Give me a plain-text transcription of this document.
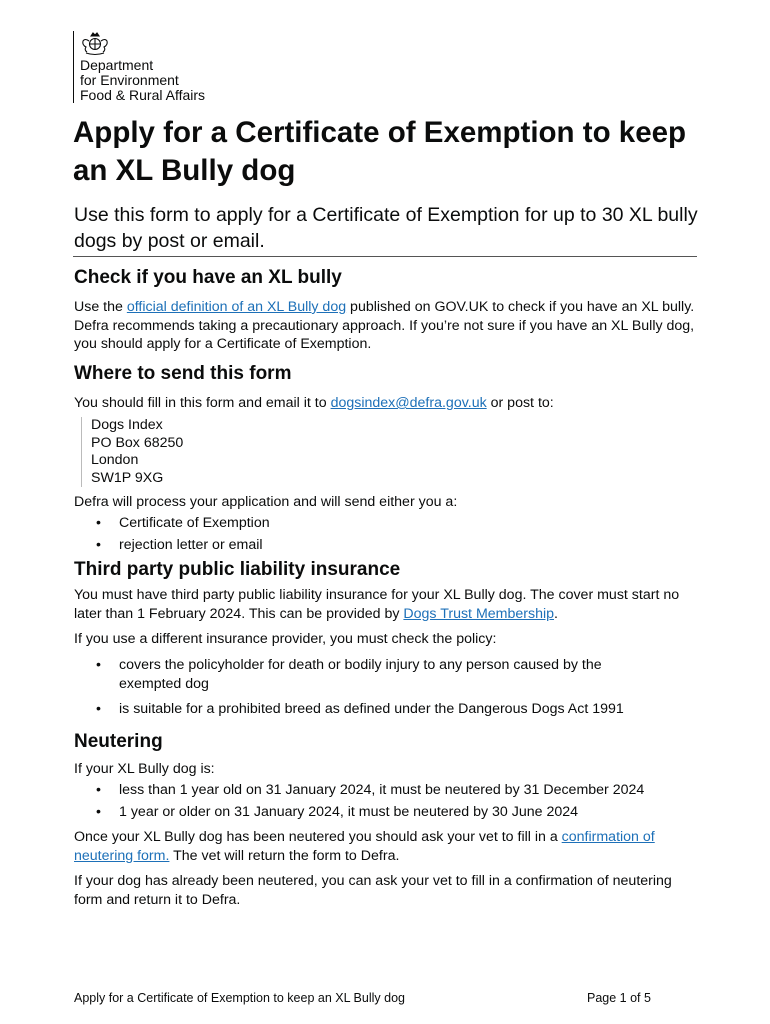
Department
for Environment
Food & Rural Affairs
Apply for a Certificate of Exemption to keep an XL Bully dog

Use this form to apply for a Certificate of Exemption for up to 30 XL bully dogs by post or email.

Check if you have an XL bully

Use the official definition of an XL Bully dog published on GOV.UK to check if you have an XL bully. Defra recommends taking a precautionary approach. If you’re not sure if you have an XL Bully dog, you should apply for a Certificate of Exemption.

Where to send this form

You should fill in this form and email it to dogsindex@defra.gov.uk or post to:

Dogs Index
PO Box 68250
London
SW1P 9XG

Defra will process your application and will send either you a:

• Certificate of Exemption
• rejection letter or email
Third party public liability insurance

You must have third party public liability insurance for your XL Bully dog. The cover must start no later than 1 February 2024. This can be provided by Dogs Trust Membership.

If you use a different insurance provider, you must check the policy:

• covers the policyholder for death or bodily injury to any person caused by the exempted dog
• is suitable for a prohibited breed as defined under the Dangerous Dogs Act 1991
Neutering

If your XL Bully dog is:

• less than 1 year old on 31 January 2024, it must be neutered by 31 December 2024
• 1 year or older on 31 January 2024, it must be neutered by 30 June 2024

Once your XL Bully dog has been neutered you should ask your vet to fill in a confirmation of neutering form. The vet will return the form to Defra.

If your dog has already been neutered, you can ask your vet to fill in a confirmation of neutering form and return it to Defra.

Apply for a Certificate of Exemption to keep an XL Bully dog	Page 1 of 5
